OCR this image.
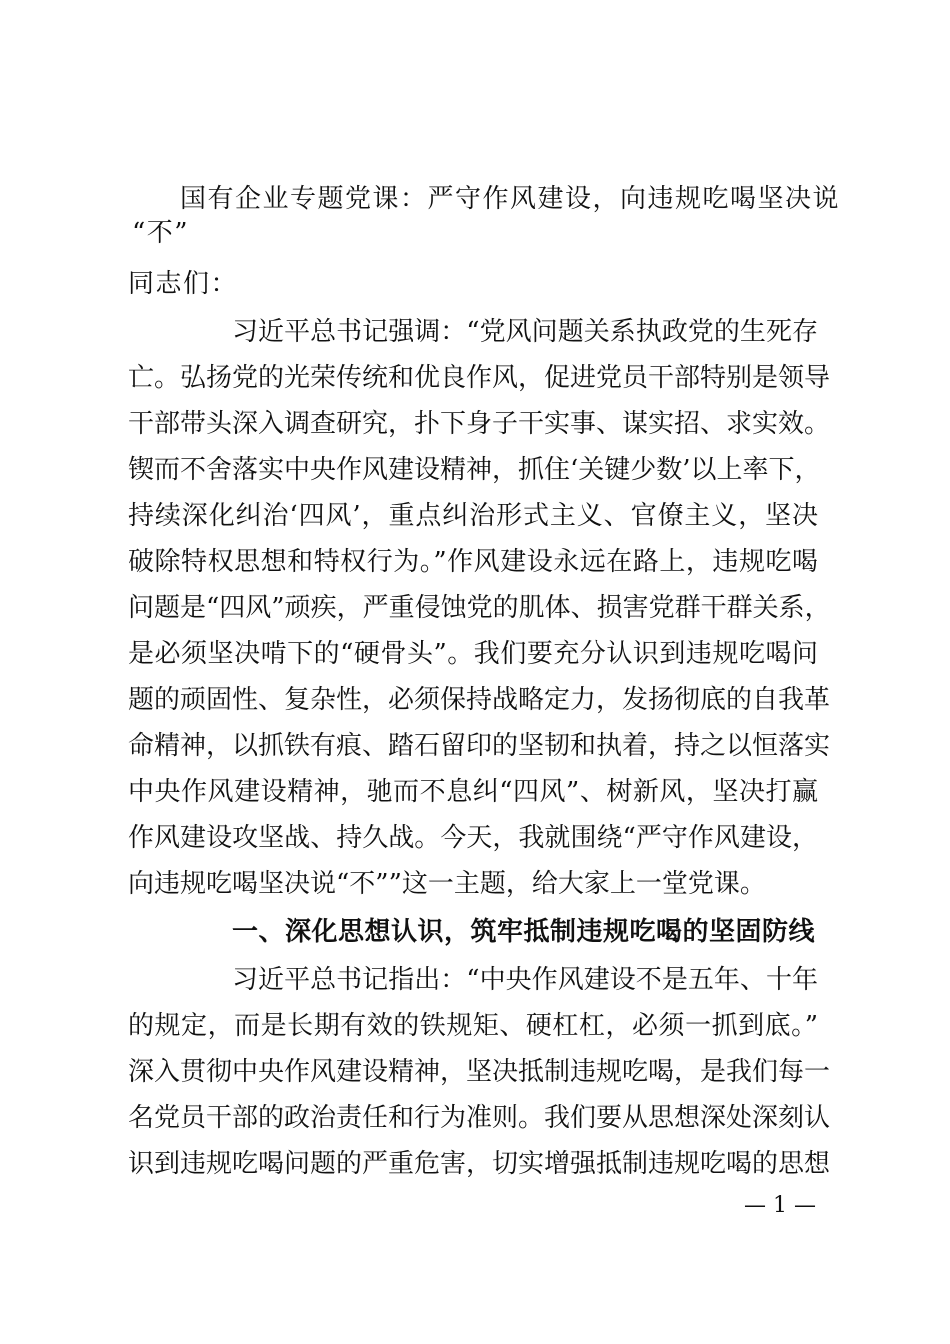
国有企业专题党课：严守作风建设，向违规吃喝坚决说
“不”
同志们：
习近平总书记强调：“党风问题关系执政党的生死存
亡。弘扬党的光荣传统和优良作风，促进党员干部特别是领导
干部带头深入调查研究，扑下身子干实事、谋实招、求实效。
锲而不舍落实中央作风建设精神，抓住‘关键少数’以上率下，
持续深化纠治‘四风’，重点纠治形式主义、官僚主义，坚决
破除特权思想和特权行为。”作风建设永远在路上，违规吃喝
问题是“四风”顽疾，严重侵蚀党的肌体、损害党群干群关系，
是必须坚决啃下的“硬骨头”。我们要充分认识到违规吃喝问
题的顽固性、复杂性，必须保持战略定力，发扬彻底的自我革
命精神，以抓铁有痕、踏石留印的坚韧和执着，持之以恒落实
中央作风建设精神，驰而不息纠“四风”、树新风，坚决打赢
作风建设攻坚战、持久战。今天，我就围绕“严守作风建设，
向违规吃喝坚决说“不””这一主题，给大家上一堂党课。
一、深化思想认识，筑牢抵制违规吃喝的坚固防线
习近平总书记指出：“中央作风建设不是五年、十年
的规定，而是长期有效的铁规矩、硬杠杠，必须一抓到底。”
深入贯彻中央作风建设精神，坚决抵制违规吃喝，是我们每一
名党员干部的政治责任和行为准则。我们要从思想深处深刻认
识到违规吃喝问题的严重危害，切实增强抵制违规吃喝的思想
— 1 —
